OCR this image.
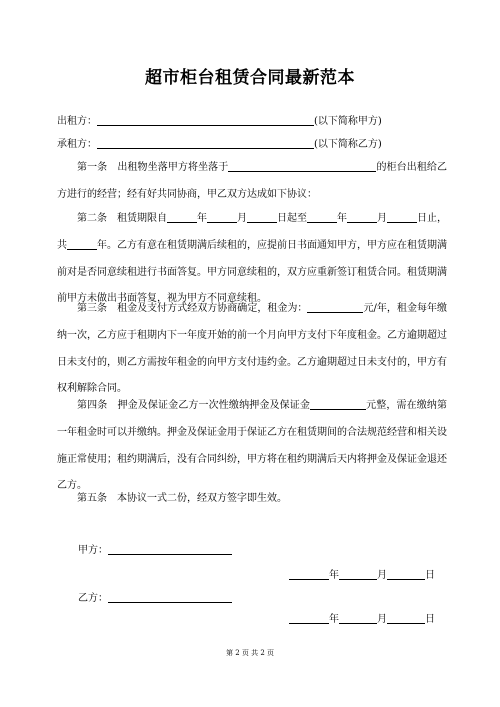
超市柜台租赁合同最新范本
出租方：	(以下简称甲方)
承租方：	(以下简称乙方)
第一条　出租物坐落甲方将坐落于	的柜台出租给乙方进行的经营；经有好共同协商，甲乙双方达成如下协议：
第二条　租赁期限自	年	月	日起至	年	月	日止，共	年。乙方有意在租赁期满后续租的，应提前日书面通知甲方，甲方应在租赁期满前对是否同意续租进行书面答复。甲方同意续租的，双方应重新签订租赁合同。租赁期满前甲方未做出书面答复，视为甲方不同意续租。
第三条　租金及支付方式经双方协商确定，租金为：	元/年，租金每年缴纳一次，乙方应于租期内下一年度开始的前一个月向甲方支付下年度租金。乙方逾期超过日未支付的，则乙方需按年租金的向甲方支付违约金。乙方逾期超过日未支付的，甲方有权利解除合同。
第四条　押金及保证金乙方一次性缴纳押金及保证金	元整，需在缴纳第一年租金时可以并缴纳。押金及保证金用于保证乙方在租赁期间的合法规范经营和相关设施正常使用；租约期满后，没有合同纠纷，甲方将在租约期满后天内将押金及保证金退还乙方。
第五条　本协议一式二份，经双方签字即生效。
甲方：
年	月	日
乙方：
年	月	日
第 2 页 共 2 页
